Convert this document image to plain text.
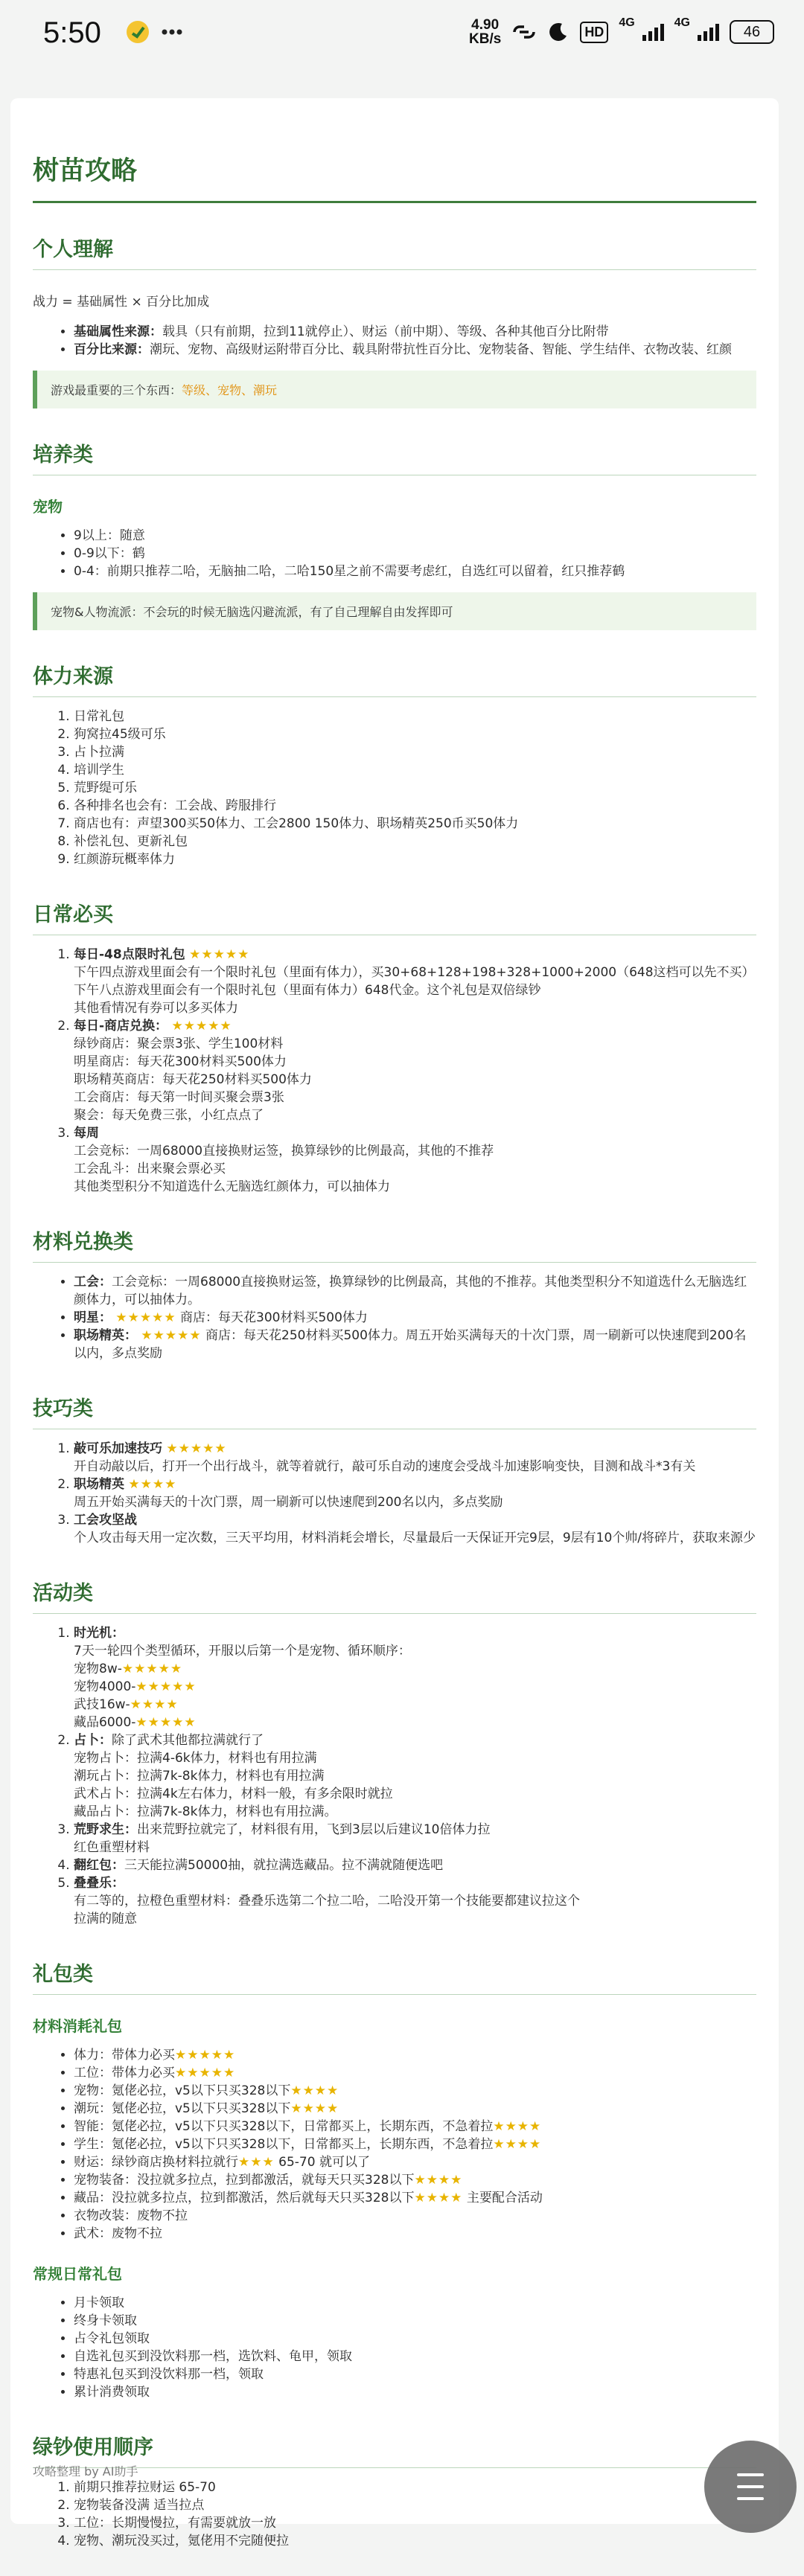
5:50	4.90
KB/s	HD
4G	4G
46
树苗攻略
个人理解

战力 = 基础属性 × 百分比加成

• 基础属性来源：载具（只有前期，拉到11就停止）、财运（前中期）、等级、各种其他百分比附带
• 百分比来源：潮玩、宠物、高级财运附带百分比、载具附带抗性百分比、宠物装备、智能、学生结伴、衣物改装、红颜
游戏最重要的三个东西：等级、宠物、潮玩
培养类
宠物
• 9以上：随意
• 0-9以下：鹤
• 0-4：前期只推荐二哈，无脑抽二哈，二哈150星之前不需要考虑红，自选红可以留着，红只推荐鹤
宠物&人物流派：不会玩的时候无脑选闪避流派，有了自己理解自由发挥即可
体力来源
1. 日常礼包
2. 狗窝拉45级可乐
3. 占卜拉满
4. 培训学生
5. 荒野缇可乐
6. 各种排名也会有：工会战、跨服排行
7. 商店也有：声望300买50体力、工会2800 150体力、职场精英250币买50体力
8. 补偿礼包、更新礼包
9. 红颜游玩概率体力
日常必买
1. 每日-48点限时礼包 ★★★★★
下午四点游戏里面会有一个限时礼包（里面有体力），买30+68+128+198+328+1000+2000（648这档可以先不买）
下午八点游戏里面会有一个限时礼包（里面有体力）648代金。这个礼包是双倍绿钞
其他看情况有券可以多买体力
2. 每日-商店兑换： ★★★★★
绿钞商店：聚会票3张、学生100材料
明星商店：每天花300材料买500体力
职场精英商店：每天花250材料买500体力
工会商店：每天第一时间买聚会票3张
聚会：每天免费三张，小红点点了
3. 每周
工会竞标：一周68000直接换财运签，换算绿钞的比例最高，其他的不推荐
工会乱斗：出来聚会票必买
其他类型积分不知道选什么无脑选红颜体力，可以抽体力
材料兑换类
• 工会：工会竞标：一周68000直接换财运签，换算绿钞的比例最高，其他的不推荐。其他类型积分不知道选什么无脑选红颜体力，可以抽体力。
• 明星： ★★★★★ 商店：每天花300材料买500体力
• 职场精英： ★★★★★ 商店：每天花250材料买500体力。周五开始买满每天的十次门票，周一刷新可以快速爬到200名以内，多点奖励
技巧类
1. 敲可乐加速技巧 ★★★★★
开自动敲以后，打开一个出行战斗，就等着就行，敲可乐自动的速度会受战斗加速影响变快，目测和战斗*3有关
2. 职场精英 ★★★★
周五开始买满每天的十次门票，周一刷新可以快速爬到200名以内，多点奖励
3. 工会攻坚战
个人攻击每天用一定次数，三天平均用，材料消耗会增长，尽量最后一天保证开完9层，9层有10个帅/将碎片，获取来源少
活动类
1. 时光机：
7天一轮四个类型循环，开服以后第一个是宠物、循环顺序：
宠物8w-★★★★★
宠物4000-★★★★★
武技16w-★★★★
藏品6000-★★★★★
2. 占卜：除了武术其他都拉满就行了
宠物占卜：拉满4-6k体力，材料也有用拉满
潮玩占卜：拉满7k-8k体力，材料也有用拉满
武术占卜：拉满4k左右体力，材料一般，有多余限时就拉
藏品占卜：拉满7k-8k体力，材料也有用拉满。
3. 荒野求生：出来荒野拉就完了，材料很有用，飞到3层以后建议10倍体力拉
红色重塑材料
4. 翻红包：三天能拉满50000抽，就拉满选藏品。拉不满就随便选吧
5. 叠叠乐：
有二等的，拉橙色重塑材料：叠叠乐选第二个拉二哈，二哈没开第一个技能要都建议拉这个
拉满的随意
礼包类
材料消耗礼包
• 体力：带体力必买★★★★★
• 工位：带体力必买★★★★★
• 宠物：氪佬必拉，v5以下只买328以下★★★★
• 潮玩：氪佬必拉，v5以下只买328以下★★★★
• 智能：氪佬必拉，v5以下只买328以下，日常都买上，长期东西，不急着拉★★★★
• 学生：氪佬必拉，v5以下只买328以下，日常都买上，长期东西，不急着拉★★★★
• 财运：绿钞商店换材料拉就行★★★ 65-70 就可以了
• 宠物装备：没拉就多拉点，拉到都激活，就每天只买328以下★★★★
• 藏品：没拉就多拉点，拉到都激活，然后就每天只买328以下★★★★ 主要配合活动
• 衣物改装：废物不拉
• 武术：废物不拉
常规日常礼包
• 月卡领取
• 终身卡领取
• 占令礼包领取
• 自选礼包买到没饮料那一档，选饮料、龟甲，领取
• 特惠礼包买到没饮料那一档，领取
• 累计消费领取
绿钞使用顺序
1. 前期只推荐拉财运 65-70
2. 宠物装备没满 适当拉点
3. 工位：长期慢慢拉，有需要就放一放
4. 宠物、潮玩没买过，氪佬用不完随便拉
攻略整理 by AI助手
